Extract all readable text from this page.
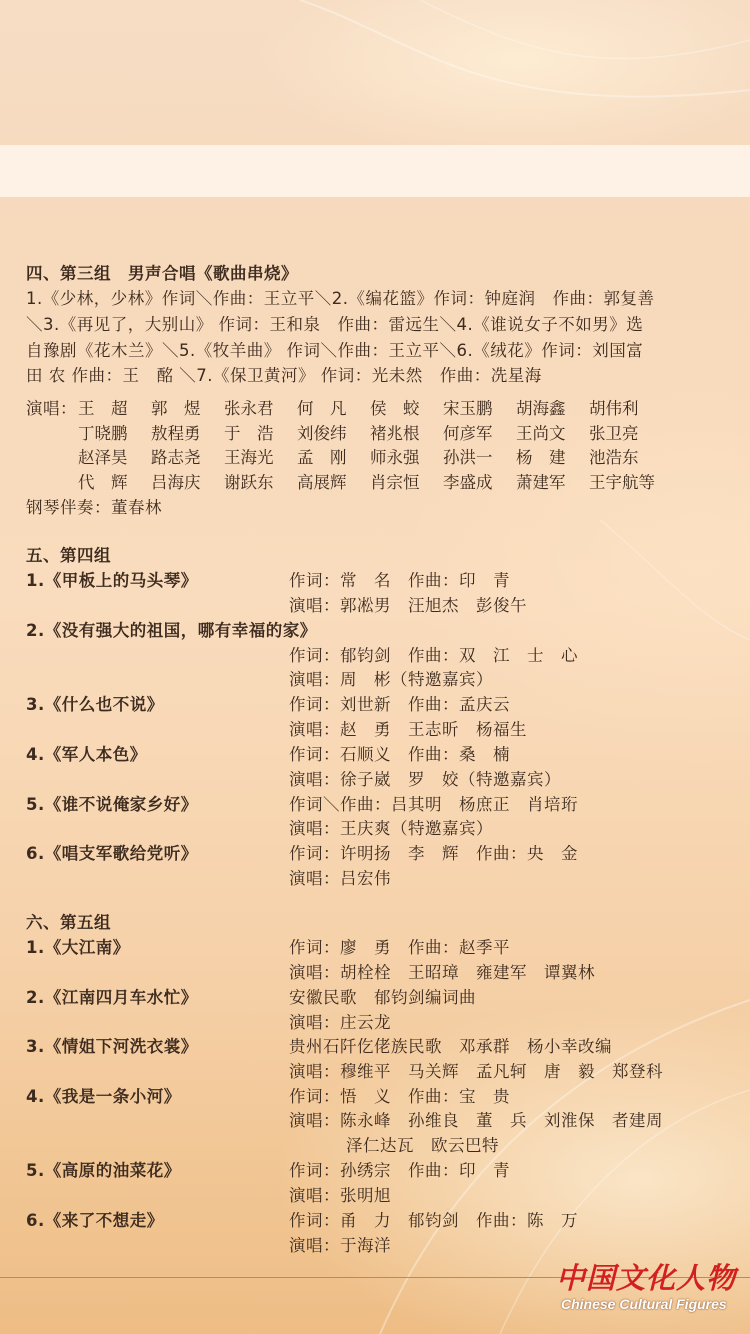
四、第三组　男声合唱《歌曲串烧》
1.《少林，少林》作词＼作曲：王立平＼2.《编花篮》作词：钟庭润　作曲：郭复善
＼3.《再见了，大别山》 作词：王和泉　作曲：雷远生＼4.《谁说女子不如男》选
自豫剧《花木兰》＼5.《牧羊曲》 作词＼作曲：王立平＼6.《绒花》作词：刘国富
田 农 作曲：王　酩 ＼7.《保卫黄河》 作词：光未然　作曲：冼星海
演唱： 王　超 郭　煜 张永君 何　凡 侯　蛟 宋玉鹏 胡海鑫 胡伟利
丁晓鹏 敖程勇 于　浩 刘俊纬 褚兆根 何彦军 王尚文 张卫亮
赵泽昊 路志尧 王海光 孟　刚 师永强 孙洪一 杨　建 池浩东
代　辉 吕海庆 谢跃东 高展辉 肖宗恒 李盛成 萧建军 王宇航等
钢琴伴奏：董春林
五、第四组
1.《甲板上的马头琴》	作词：常　名　作曲：印　青
演唱：郭凇男　汪旭杰　彭俊午
2.《没有强大的祖国，哪有幸福的家》
作词：郁钧剑　作曲：双　江　士　心
演唱：周　彬（特邀嘉宾）
3.《什么也不说》	作词：刘世新　作曲：孟庆云
演唱：赵　勇　王志昕　杨福生
4.《军人本色》	作词：石顺义　作曲：桑　楠
演唱：徐子崴　罗　姣（特邀嘉宾）
5.《谁不说俺家乡好》	作词＼作曲：吕其明　杨庶正　肖培珩
演唱：王庆爽（特邀嘉宾）
6.《唱支军歌给党听》	作词：许明扬　李　辉　作曲：央　金
演唱：吕宏伟
六、第五组
1.《大江南》	作词：廖　勇　作曲：赵季平
演唱：胡栓栓　王昭璋　雍建军　谭翼林
2.《江南四月车水忙》	安徽民歌　郁钧剑编词曲
演唱：庄云龙
3.《情姐下河洗衣裳》	贵州石阡仡佬族民歌　邓承群　杨小幸改编
演唱：穆维平　马关辉　孟凡轲　唐　毅　郑登科
4.《我是一条小河》	作词：悟　义　作曲：宝　贵
演唱：陈永峰　孙维良　董　兵　刘淮保　者建周
泽仁达瓦　欧云巴特
5.《高原的油菜花》	作词：孙绣宗　作曲：印　青
演唱：张明旭
6.《来了不想走》	作词：甬　力　郁钧剑　作曲：陈　万
演唱：于海洋
中国文化人物
Chinese Cultural Figures
